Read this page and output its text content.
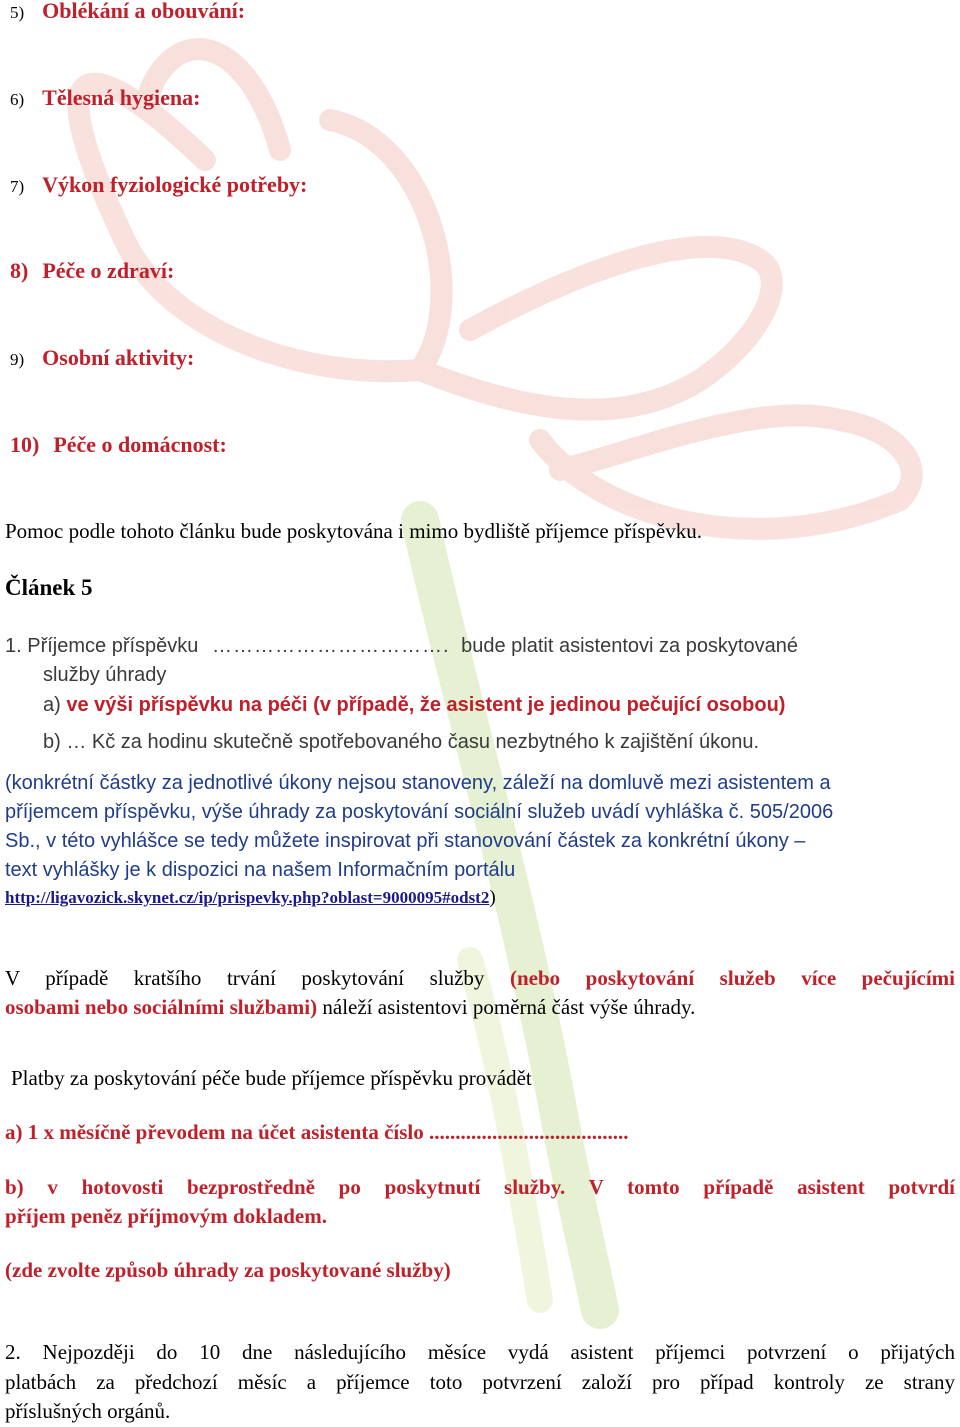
5) Oblékání a obouvání:
6) Tělesná hygiena:
7) Výkon fyziologické potřeby:
8) Péče o zdraví:
9) Osobní aktivity:
10) Péče o domácnost:
Pomoc podle tohoto článku bude poskytována i mimo bydliště příjemce příspěvku.
Článek 5
1. Příjemce příspěvku ……………………………. bude platit asistentovi za poskytované
služby úhrady
a) ve výši příspěvku na péči (v případě, že asistent je jedinou pečující osobou)
b) … Kč za hodinu skutečně spotřebovaného času nezbytného k zajištění úkonu.
(konkrétní částky za jednotlivé úkony nejsou stanoveny, záleží na domluvě mezi asistentem a
příjemcem příspěvku, výše úhrady za poskytování sociální služeb uvádí vyhláška č. 505/2006
Sb., v této vyhlášce se tedy můžete inspirovat při stanovování částek za konkrétní úkony –
text vyhlášky je k dispozici na našem Informačním portálu
http://ligavozick.skynet.cz/ip/prispevky.php?oblast=9000095#odst2)
V případě kratšího trvání poskytování služby (nebo poskytování služeb více pečujícími
osobami nebo sociálními službami) náleží asistentovi poměrná část výše úhrady.
Platby za poskytování péče bude příjemce příspěvku provádět
a) 1 x měsíčně převodem na účet asistenta číslo ......................................
b) v hotovosti bezprostředně po poskytnutí služby. V tomto případě asistent potvrdí
příjem peněz příjmovým dokladem.
(zde zvolte způsob úhrady za poskytované služby)
2. Nejpozději do 10 dne následujícího měsíce vydá asistent příjemci potvrzení o přijatých
platbách za předchozí měsíc a příjemce toto potvrzení založí pro případ kontroly ze strany
příslušných orgánů.
